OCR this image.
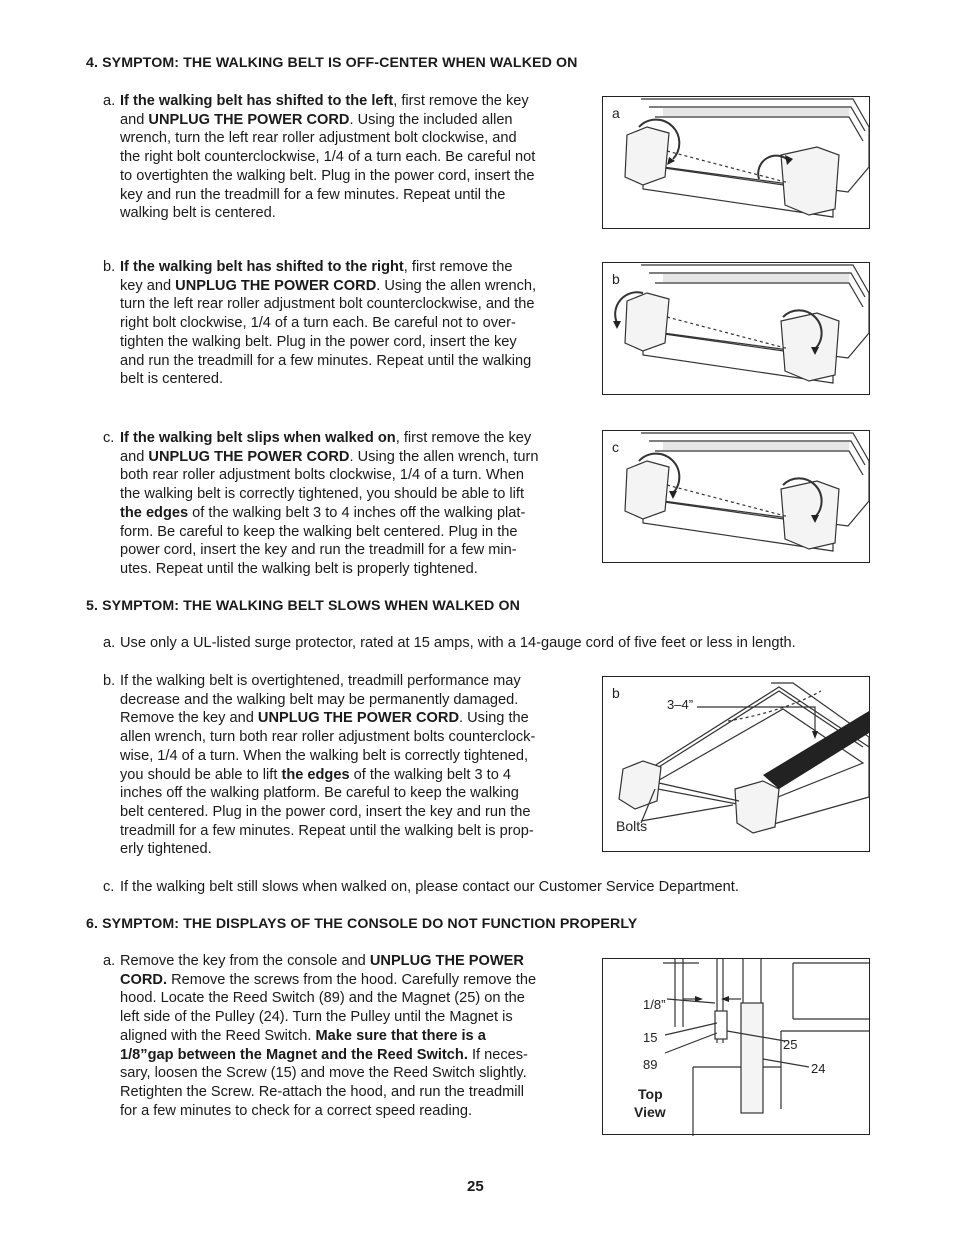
4. SYMPTOM: THE WALKING BELT IS OFF-CENTER WHEN WALKED ON
a. If the walking belt has shifted to the left, first remove the key
and UNPLUG THE POWER CORD. Using the included allen
wrench, turn the left rear roller adjustment bolt clockwise, and
the right bolt counterclockwise, 1/4 of a turn each. Be careful not
to overtighten the walking belt. Plug in the power cord, insert the
key and run the treadmill for a few minutes. Repeat until the
walking belt is centered.
a
b. If the walking belt has shifted to the right, first remove the
key and UNPLUG THE POWER CORD. Using the allen wrench,
turn the left rear roller adjustment bolt counterclockwise, and the
right bolt clockwise, 1/4 of a turn each. Be careful not to over-
tighten the walking belt. Plug in the power cord, insert the key
and run the treadmill for a few minutes. Repeat until the walking
belt is centered.
b
c. If the walking belt slips when walked on, first remove the key
and UNPLUG THE POWER CORD. Using the allen wrench, turn
both rear roller adjustment bolts clockwise, 1/4 of a turn. When
the walking belt is correctly tightened, you should be able to lift
the edges of the walking belt 3 to 4 inches off the walking plat-
form. Be careful to keep the walking belt centered. Plug in the
power cord, insert the key and run the treadmill for a few min-
utes. Repeat until the walking belt is properly tightened.
c
5. SYMPTOM: THE WALKING BELT SLOWS WHEN WALKED ON
a. Use only a UL-listed surge protector, rated at 15 amps, with a 14-gauge cord of five feet or less in length.
b. If the walking belt is overtightened, treadmill performance may
decrease and the walking belt may be permanently damaged.
Remove the key and UNPLUG THE POWER CORD. Using the
allen wrench, turn both rear roller adjustment bolts counterclock-
wise, 1/4 of a turn. When the walking belt is correctly tightened,
you should be able to lift the edges of the walking belt 3 to 4
inches off the walking platform. Be careful to keep the walking
belt centered. Plug in the power cord, insert the key and run the
treadmill for a few minutes. Repeat until the walking belt is prop-
erly tightened.
b
3–4”
Bolts
c. If the walking belt still slows when walked on, please contact our Customer Service Department.
6. SYMPTOM: THE DISPLAYS OF THE CONSOLE DO NOT FUNCTION PROPERLY
a. Remove the key from the console and UNPLUG THE POWER
CORD. Remove the screws from the hood. Carefully remove the
hood. Locate the Reed Switch (89) and the Magnet (25) on the
left side of the Pulley (24). Turn the Pulley until the Magnet is
aligned with the Reed Switch. Make sure that there is a
1/8”gap between the Magnet and the Reed Switch. If neces-
sary, loosen the Screw (15) and move the Reed Switch slightly.
Retighten the Screw. Re-attach the hood, and run the treadmill
for a few minutes to check for a correct speed reading.
1/8”
15
89
25
24
Top
View
25
